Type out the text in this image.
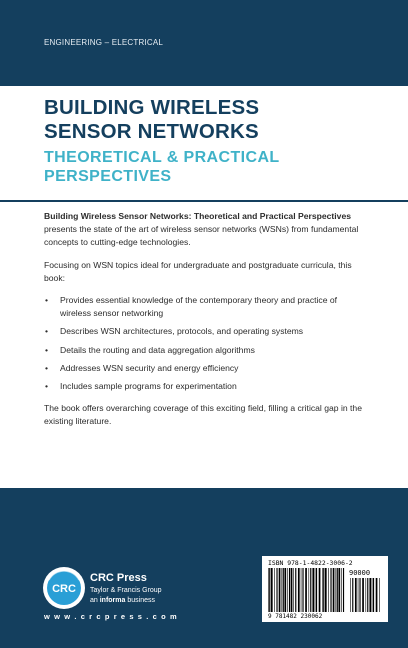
ENGINEERING – ELECTRICAL
BUILDING WIRELESS
SENSOR NETWORKS
THEORETICAL & PRACTICAL
PERSPECTIVES

Building Wireless Sensor Networks: Theoretical and Practical Perspectives presents the state of the art of wireless sensor networks (WSNs) from fundamental concepts to cutting-edge technologies.

Focusing on WSN topics ideal for undergraduate and postgraduate curricula, this book:

• Provides essential knowledge of the contemporary theory and practice of wireless sensor networking
• Describes WSN architectures, protocols, and operating systems
• Details the routing and data aggregation algorithms
• Addresses WSN security and energy efficiency
• Includes sample programs for experimentation

The book offers overarching coverage of this exciting field, filling a critical gap in the existing literature.

CRC
CRC Press
Taylor & Francis Group
an informa business
w w w . c r c p r e s s . c o m
ISBN 978-1-4822-3006-2
90000
9 781482 230062
